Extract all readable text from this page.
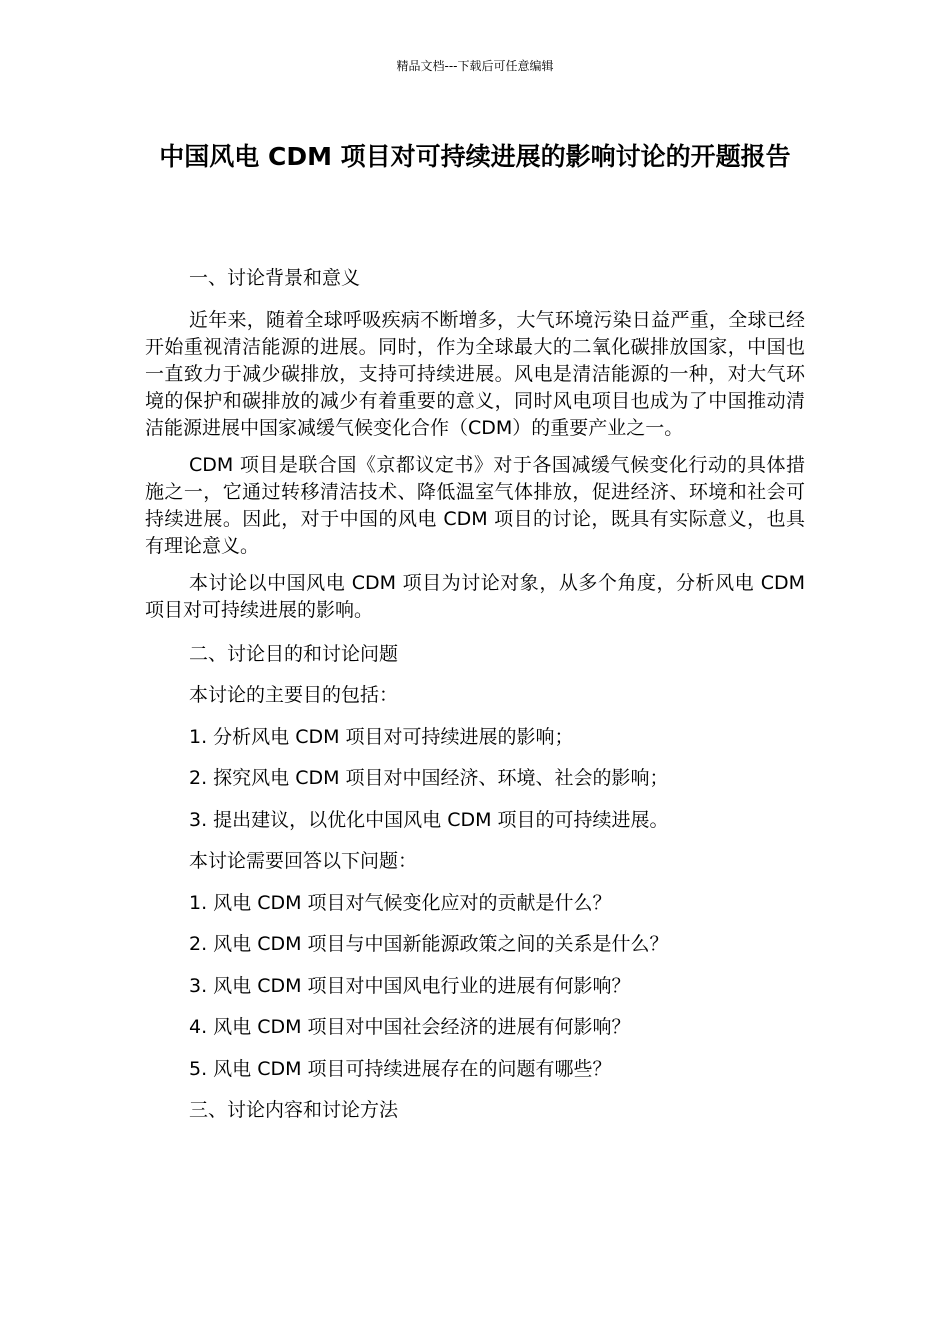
精品文档---下载后可任意编辑
中国风电 CDM 项目对可持续进展的影响讨论的开题报告
一、讨论背景和意义

近年来，随着全球呼吸疾病不断增多，大气环境污染日益严重，全球已经开始重视清洁能源的进展。同时，作为全球最大的二氧化碳排放国家，中国也一直致力于减少碳排放，支持可持续进展。风电是清洁能源的一种，对大气环境的保护和碳排放的减少有着重要的意义，同时风电项目也成为了中国推动清洁能源进展中国家减缓气候变化合作（CDM）的重要产业之一。

CDM 项目是联合国《京都议定书》对于各国减缓气候变化行动的具体措施之一，它通过转移清洁技术、降低温室气体排放，促进经济、环境和社会可持续进展。因此，对于中国的风电 CDM 项目的讨论，既具有实际意义，也具有理论意义。

本讨论以中国风电 CDM 项目为讨论对象，从多个角度，分析风电 CDM 项目对可持续进展的影响。

二、讨论目的和讨论问题
本讨论的主要目的包括：
1. 分析风电 CDM 项目对可持续进展的影响；
2. 探究风电 CDM 项目对中国经济、环境、社会的影响；
3. 提出建议，以优化中国风电 CDM 项目的可持续进展。
本讨论需要回答以下问题：
1. 风电 CDM 项目对气候变化应对的贡献是什么？
2. 风电 CDM 项目与中国新能源政策之间的关系是什么？
3. 风电 CDM 项目对中国风电行业的进展有何影响？
4. 风电 CDM 项目对中国社会经济的进展有何影响？
5. 风电 CDM 项目可持续进展存在的问题有哪些？
三、讨论内容和讨论方法
